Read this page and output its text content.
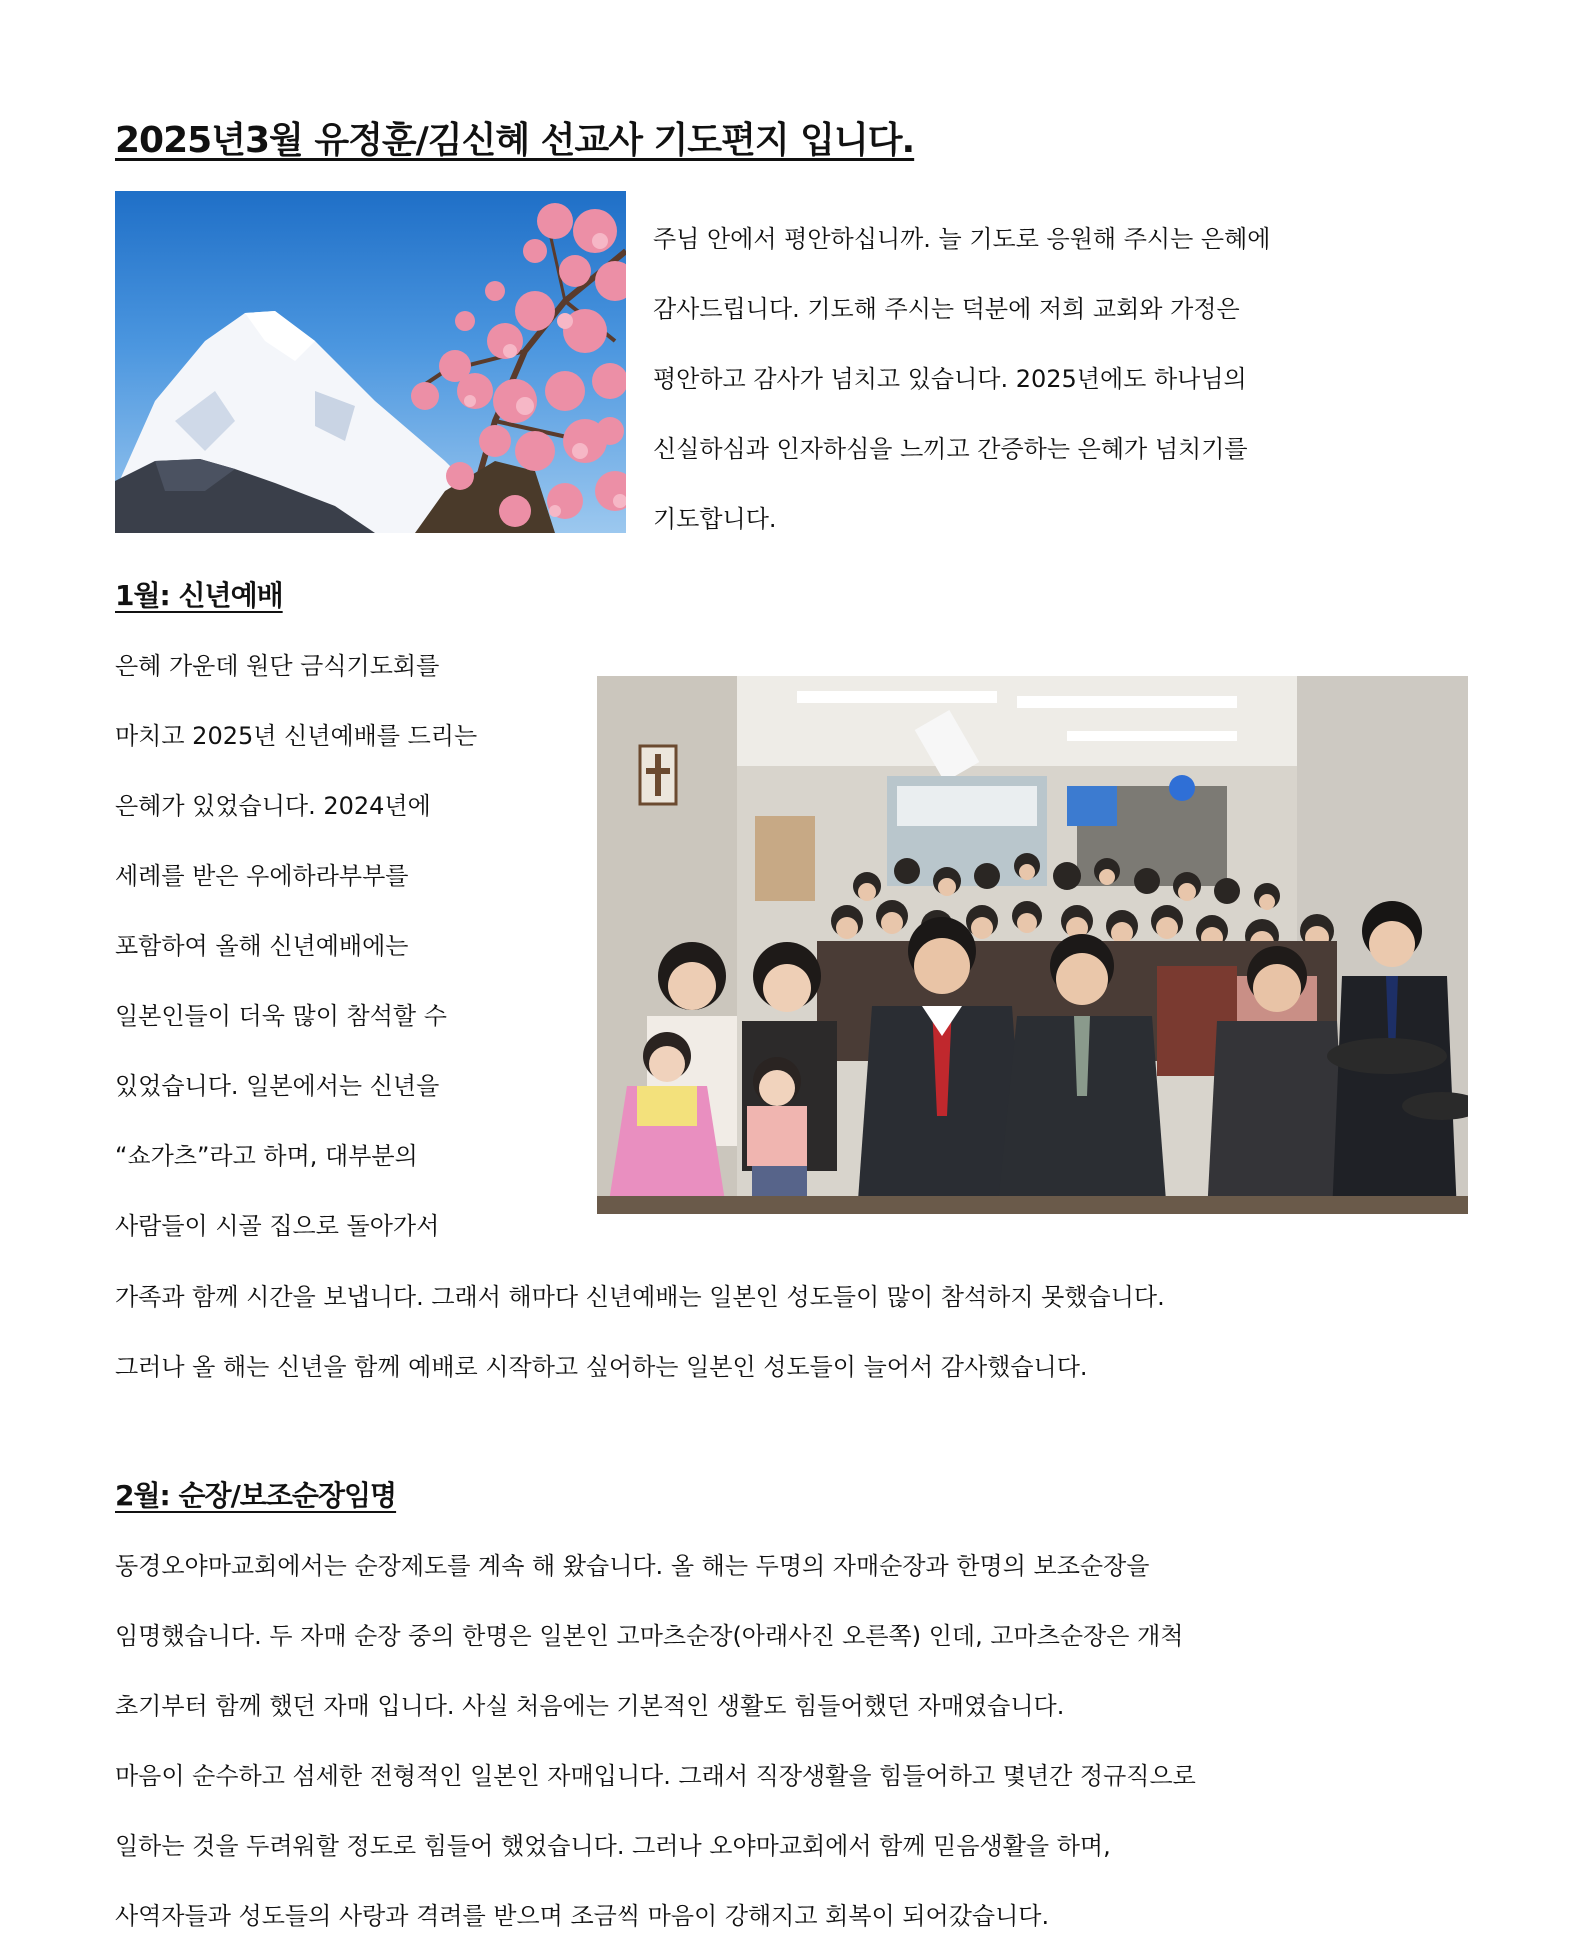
2025년3월 유정훈/김신혜 선교사 기도편지 입니다.
주님 안에서 평안하십니까. 늘 기도로 응원해 주시는 은혜에
감사드립니다. 기도해 주시는 덕분에 저희 교회와 가정은
평안하고 감사가 넘치고 있습니다. 2025년에도 하나님의
신실하심과 인자하심을 느끼고 간증하는 은혜가 넘치기를
기도합니다.
1월: 신년예배
은혜 가운데 원단 금식기도회를
마치고 2025년 신년예배를 드리는
은혜가 있었습니다. 2024년에
세례를 받은 우에하라부부를
포함하여 올해 신년예배에는
일본인들이 더욱 많이 참석할 수
있었습니다. 일본에서는 신년을
“쇼가츠”라고 하며, 대부분의
사람들이 시골 집으로 돌아가서
가족과 함께 시간을 보냅니다. 그래서 해마다 신년예배는 일본인 성도들이 많이 참석하지 못했습니다.
그러나 올 해는 신년을 함께 예배로 시작하고 싶어하는 일본인 성도들이 늘어서 감사했습니다.
2월: 순장/보조순장임명
동경오야마교회에서는 순장제도를 계속 해 왔습니다. 올 해는 두명의 자매순장과 한명의 보조순장을
임명했습니다. 두 자매 순장 중의 한명은 일본인 고마츠순장(아래사진 오른쪽) 인데, 고마츠순장은 개척
초기부터 함께 했던 자매 입니다. 사실 처음에는 기본적인 생활도 힘들어했던 자매였습니다.
마음이 순수하고 섬세한 전형적인 일본인 자매입니다. 그래서 직장생활을 힘들어하고 몇년간 정규직으로
일하는 것을 두려워할 정도로 힘들어 했었습니다. 그러나 오야마교회에서 함께 믿음생활을 하며,
사역자들과 성도들의 사랑과 격려를 받으며 조금씩 마음이 강해지고 회복이 되어갔습니다.
